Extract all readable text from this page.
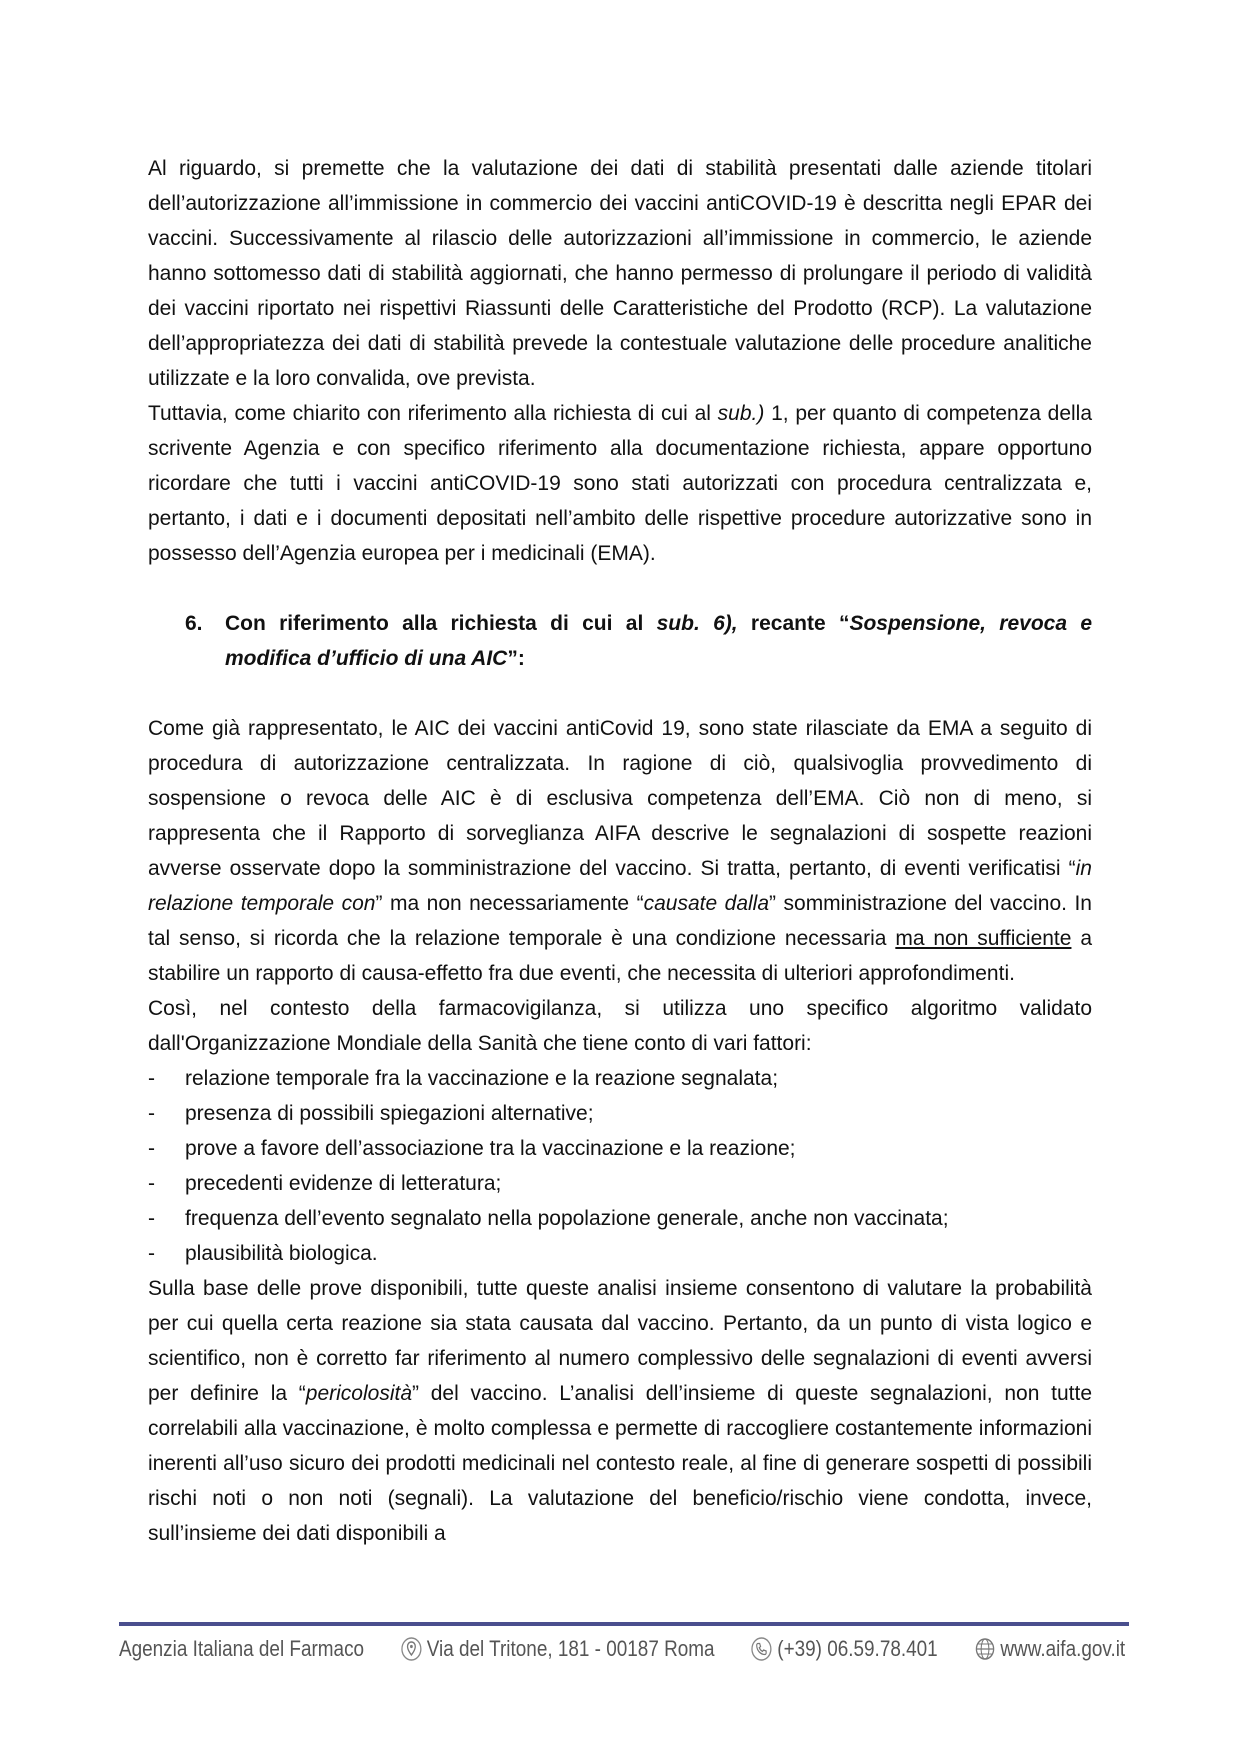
Al riguardo, si premette che la valutazione dei dati di stabilità presentati dalle aziende titolari dell’autorizzazione all’immissione in commercio dei vaccini antiCOVID-19 è descritta negli EPAR dei vaccini. Successivamente al rilascio delle autorizzazioni all’immissione in commercio, le aziende hanno sottomesso dati di stabilità aggiornati, che hanno permesso di prolungare il periodo di validità dei vaccini riportato nei rispettivi Riassunti delle Caratteristiche del Prodotto (RCP). La valutazione dell’appropriatezza dei dati di stabilità prevede la contestuale valutazione delle procedure analitiche utilizzate e la loro convalida, ove prevista.

Tuttavia, come chiarito con riferimento alla richiesta di cui al sub.) 1, per quanto di competenza della scrivente Agenzia e con specifico riferimento alla documentazione richiesta, appare opportuno ricordare che tutti i vaccini antiCOVID-19 sono stati autorizzati con procedura centralizzata e, pertanto, i dati e i documenti depositati nell’ambito delle rispettive procedure autorizzative sono in possesso dell’Agenzia europea per i medicinali (EMA).

6.	Con riferimento alla richiesta di cui al sub. 6), recante “Sospensione, revoca e modifica d’ufficio di una AIC”:

Come già rappresentato, le AIC dei vaccini antiCovid 19, sono state rilasciate da EMA a seguito di procedura di autorizzazione centralizzata. In ragione di ciò, qualsivoglia provvedimento di sospensione o revoca delle AIC è di esclusiva competenza dell’EMA. Ciò non di meno, si rappresenta che il Rapporto di sorveglianza AIFA descrive le segnalazioni di sospette reazioni avverse osservate dopo la somministrazione del vaccino. Si tratta, pertanto, di eventi verificatisi “in relazione temporale con” ma non necessariamente “causate dalla” somministrazione del vaccino. In tal senso, si ricorda che la relazione temporale è una condizione necessaria ma non sufficiente a stabilire un rapporto di causa-effetto fra due eventi, che necessita di ulteriori approfondimenti.

Così, nel contesto della farmacovigilanza, si utilizza uno specifico algoritmo validato dall'Organizzazione Mondiale della Sanità che tiene conto di vari fattori:

-	relazione temporale fra la vaccinazione e la reazione segnalata;
-	presenza di possibili spiegazioni alternative;
-	prove a favore dell’associazione tra la vaccinazione e la reazione;
-	precedenti evidenze di letteratura;
-	frequenza dell’evento segnalato nella popolazione generale, anche non vaccinata;
-	plausibilità biologica.

Sulla base delle prove disponibili, tutte queste analisi insieme consentono di valutare la probabilità per cui quella certa reazione sia stata causata dal vaccino. Pertanto, da un punto di vista logico e scientifico, non è corretto far riferimento al numero complessivo delle segnalazioni di eventi avversi per definire la “pericolosità” del vaccino. L’analisi dell’insieme di queste segnalazioni, non tutte correlabili alla vaccinazione, è molto complessa e permette di raccogliere costantemente informazioni inerenti all’uso sicuro dei prodotti medicinali nel contesto reale, al fine di generare sospetti di possibili rischi noti o non noti (segnali). La valutazione del beneficio/rischio viene condotta, invece, sull’insieme dei dati disponibili a

Agenzia Italiana del Farmaco	Via del Tritone, 181 - 00187 Roma	(+39) 06.59.78.401	www.aifa.gov.it
